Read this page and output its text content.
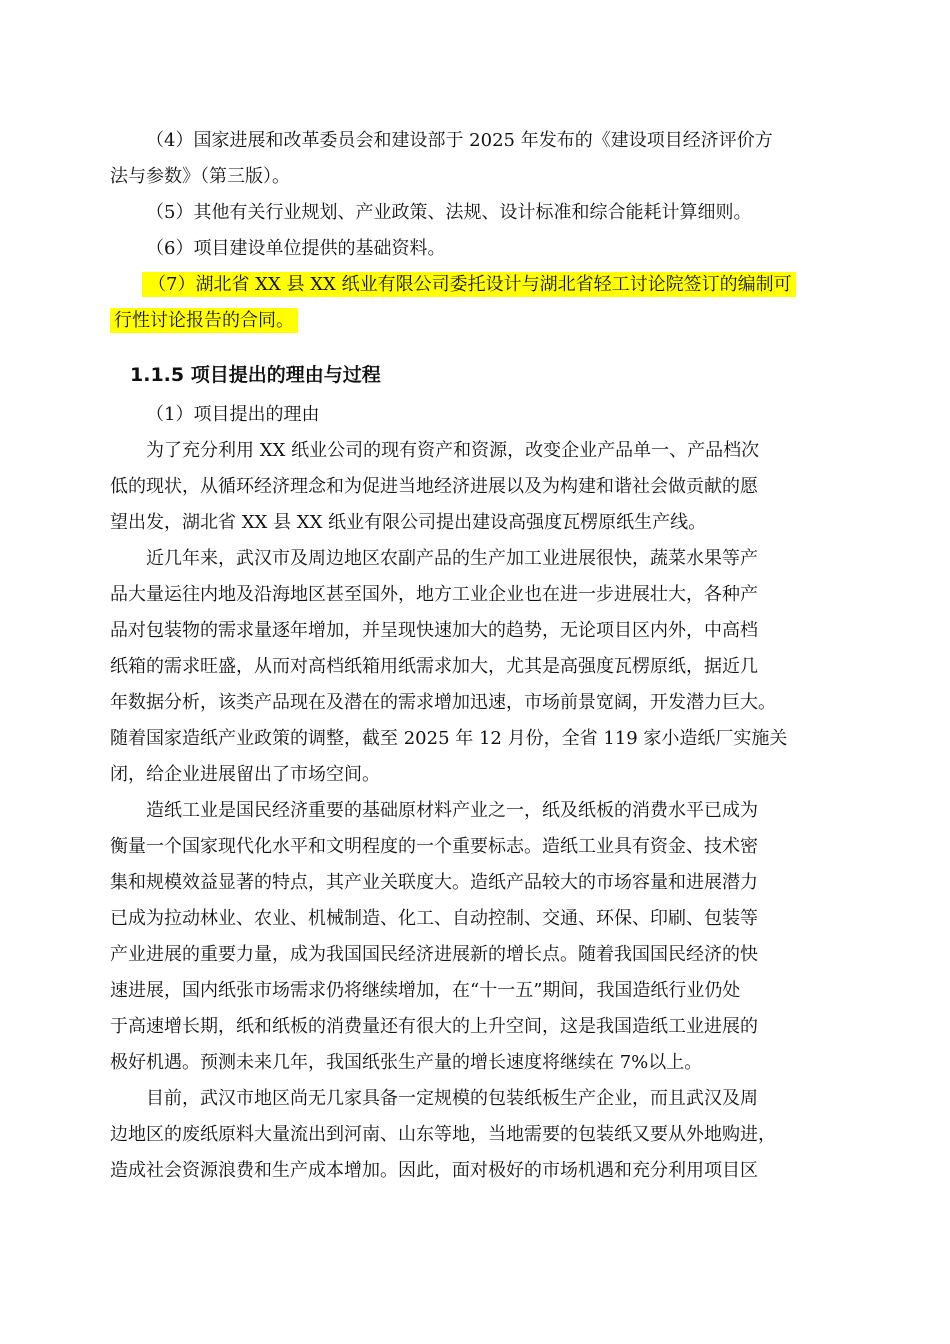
（4）国家进展和改革委员会和建设部于 2025 年发布的《建设项目经济评价方
法与参数》（第三版）。
（5）其他有关行业规划、产业政策、法规、设计标准和综合能耗计算细则。
（6）项目建设单位提供的基础资料。
（7）湖北省 XX 县 XX 纸业有限公司委托设计与湖北省轻工讨论院签订的编制可
行性讨论报告的合同。
1.1.5 项目提出的理由与过程
（1）项目提出的理由
为了充分利用 XX 纸业公司的现有资产和资源，改变企业产品单一、产品档次
低的现状，从循环经济理念和为促进当地经济进展以及为构建和谐社会做贡献的愿
望出发，湖北省 XX 县 XX 纸业有限公司提出建设高强度瓦楞原纸生产线。
近几年来，武汉市及周边地区农副产品的生产加工业进展很快，蔬菜水果等产
品大量运往内地及沿海地区甚至国外，地方工业企业也在进一步进展壮大，各种产
品对包装物的需求量逐年增加，并呈现快速加大的趋势，无论项目区内外，中高档
纸箱的需求旺盛，从而对高档纸箱用纸需求加大，尤其是高强度瓦楞原纸，据近几
年数据分析，该类产品现在及潜在的需求增加迅速，市场前景宽阔，开发潜力巨大。
随着国家造纸产业政策的调整，截至 2025 年 12 月份，全省 119 家小造纸厂实施关
闭，给企业进展留出了市场空间。
造纸工业是国民经济重要的基础原材料产业之一，纸及纸板的消费水平已成为
衡量一个国家现代化水平和文明程度的一个重要标志。造纸工业具有资金、技术密
集和规模效益显著的特点，其产业关联度大。造纸产品较大的市场容量和进展潜力
已成为拉动林业、农业、机械制造、化工、自动控制、交通、环保、印刷、包装等
产业进展的重要力量，成为我国国民经济进展新的增长点。随着我国国民经济的快
速进展，国内纸张市场需求仍将继续增加，在“十一五”期间，我国造纸行业仍处
于高速增长期，纸和纸板的消费量还有很大的上升空间，这是我国造纸工业进展的
极好机遇。预测未来几年，我国纸张生产量的增长速度将继续在 7%以上。
目前，武汉市地区尚无几家具备一定规模的包装纸板生产企业，而且武汉及周
边地区的废纸原料大量流出到河南、山东等地，当地需要的包装纸又要从外地购进，
造成社会资源浪费和生产成本增加。因此，面对极好的市场机遇和充分利用项目区
